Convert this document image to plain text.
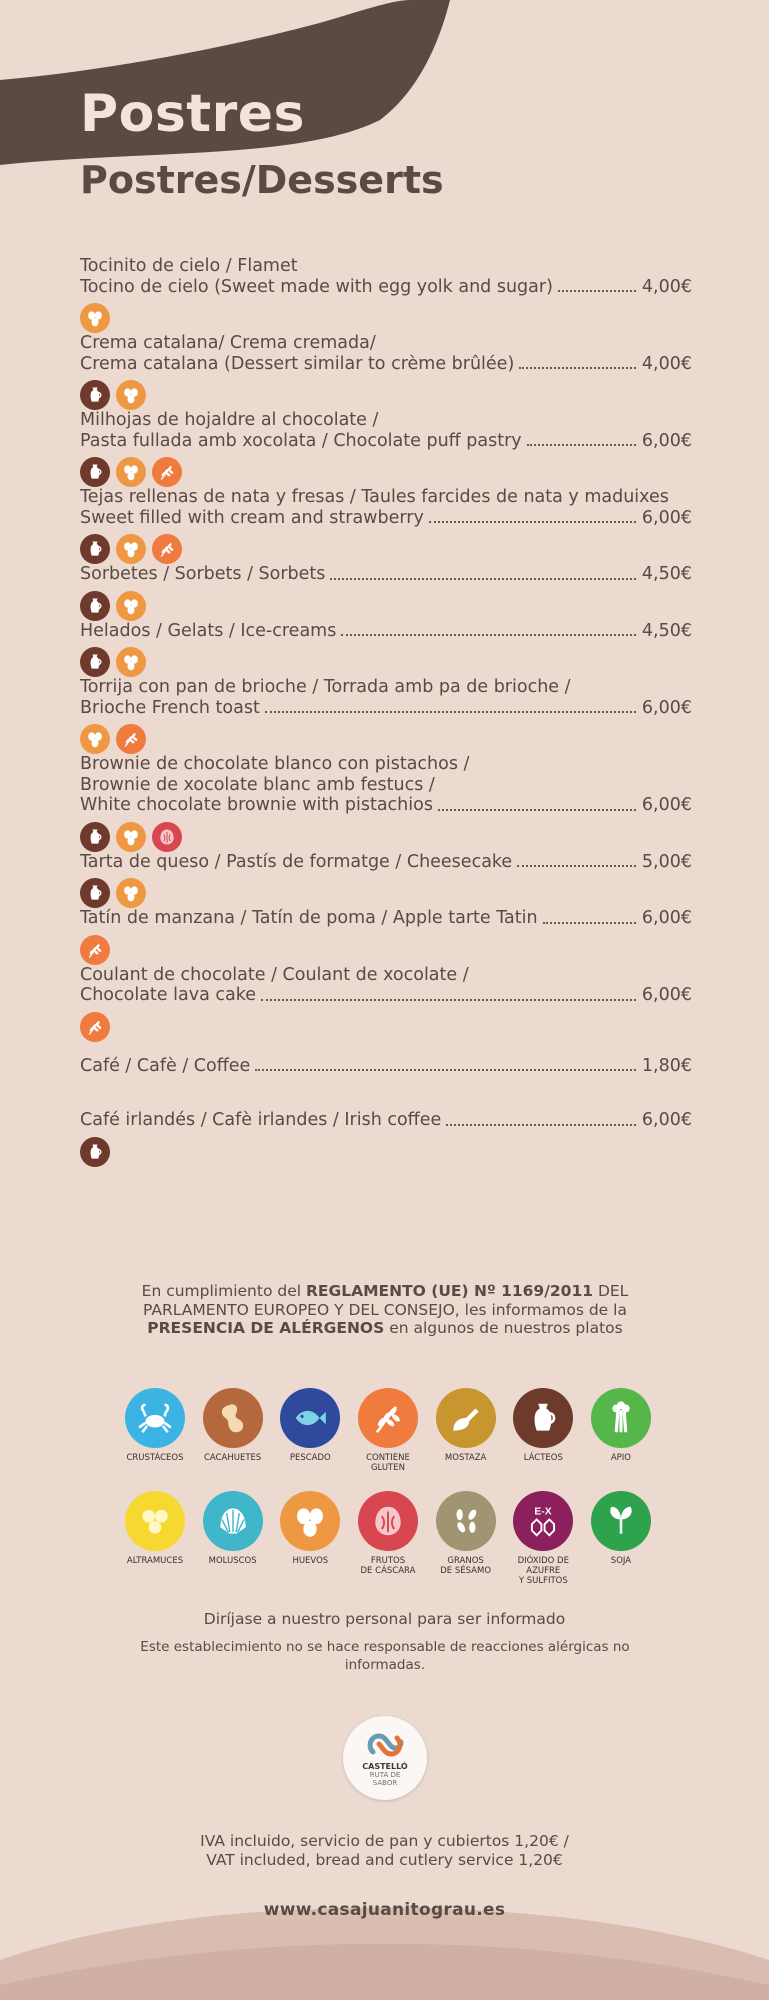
Postres
Postres/Desserts
Tocinito de cielo / Flamet
Tocino de cielo (Sweet made with egg yolk and sugar)	4,00€
Crema catalana/ Crema cremada/
Crema catalana (Dessert similar to crème brûlée)	4,00€
Milhojas de hojaldre al chocolate /
Pasta fullada amb xocolata / Chocolate puff pastry	6,00€
Tejas rellenas de nata y fresas / Taules farcides de nata y maduixes
Sweet filled with cream and strawberry	6,00€
Sorbetes / Sorbets / Sorbets	4,50€
Helados / Gelats / Ice-creams	4,50€
Torrija con pan de brioche / Torrada amb pa de brioche /
Brioche French toast	6,00€
Brownie de chocolate blanco con pistachos /
Brownie de xocolate blanc amb festucs /
White chocolate brownie with pistachios	6,00€
Tarta de queso / Pastís de formatge / Cheesecake	5,00€
Tatín de manzana / Tatín de poma / Apple tarte Tatin	6,00€
Coulant de chocolate / Coulant de xocolate /
Chocolate lava cake	6,00€
Café / Cafè / Coffee	1,80€
Café irlandés / Cafè irlandes / Irish coffee	6,00€
En cumplimiento del REGLAMENTO (UE) Nº 1169/2011 DEL PARLAMENTO EUROPEO Y DEL CONSEJO, les informamos de la PRESENCIA DE ALÉRGENOS en algunos de nuestros platos
CRUSTÁCEOS CACAHUETES	PESCADO	CONTIENE
GLUTEN
MOSTAZA	LÁCTEOS	APIO
ALTRAMUCES	MOLUSCOS	HUEVOS	FRUTOS
DE CÁSCARA
GRANOS
DE SÉSAMO
E-X
DIÓXIDO DE AZUFRE
Y SULFITOS
SOJA
Diríjase a nuestro personal para ser informado
Este establecimiento no se hace responsable de reacciones alérgicas no informadas.
CASTELLÓ
RUTA DE SABOR
IVA incluido, servicio de pan y cubiertos 1,20€ /
VAT included, bread and cutlery service 1,20€
www.casajuanitograu.es
